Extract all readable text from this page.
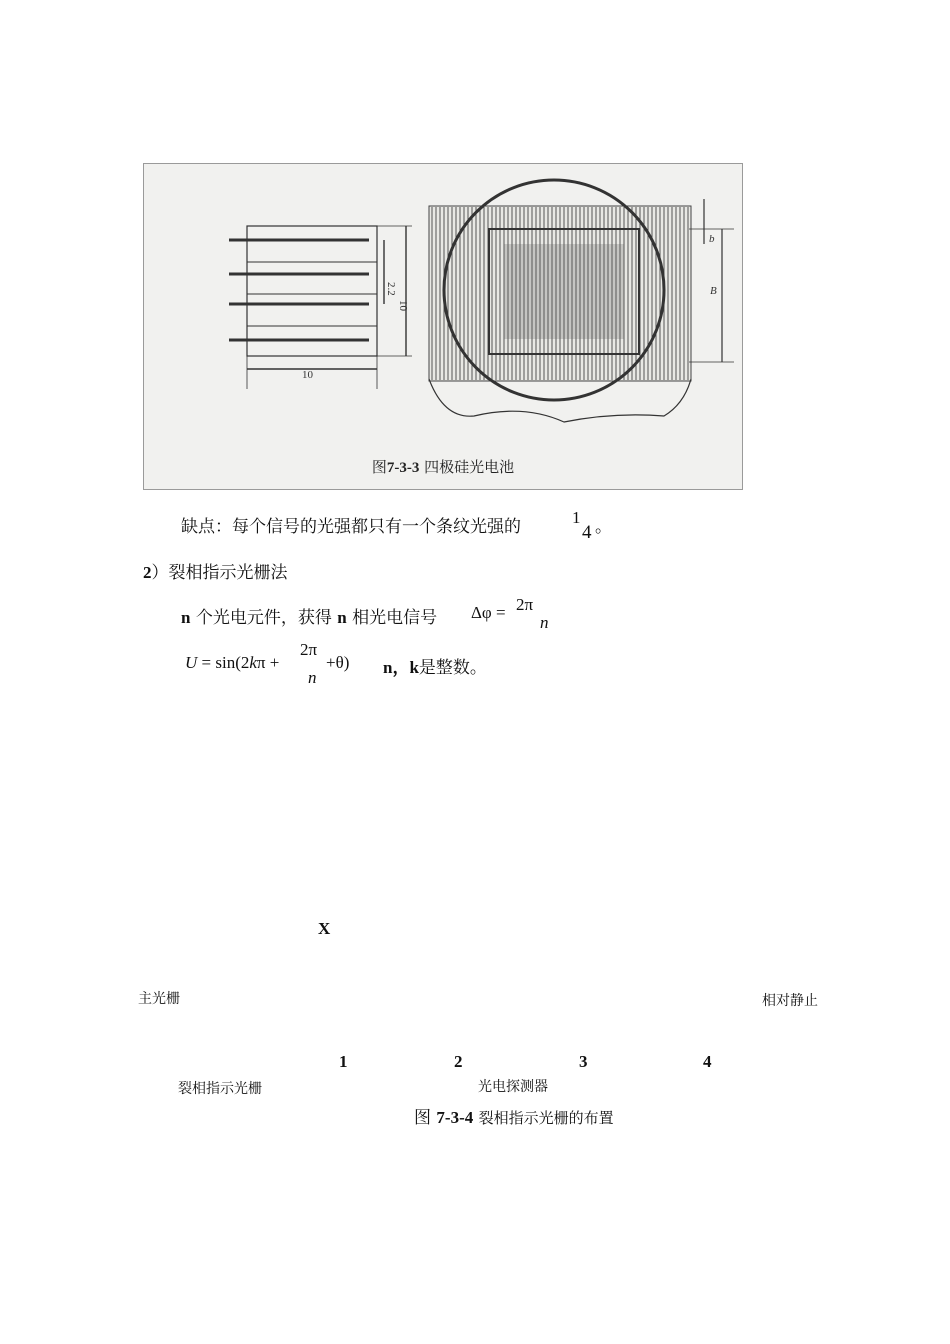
2.2
10
10
b
B
图7-3-3 四极硅光电池
缺点：每个信号的光强都只有一个条纹光强的	1
4 。
2）裂相指示光栅法
n 个光电元件，获得 n 相光电信号 Δφ = 2π
n
U = sin(2kπ +
2π
n
+θ) n，k是整数。
X
主光栅	相对静止
1	2	3	4
裂相指示光栅	光电探测器
图 7-3-4 裂相指示光栅的布置
